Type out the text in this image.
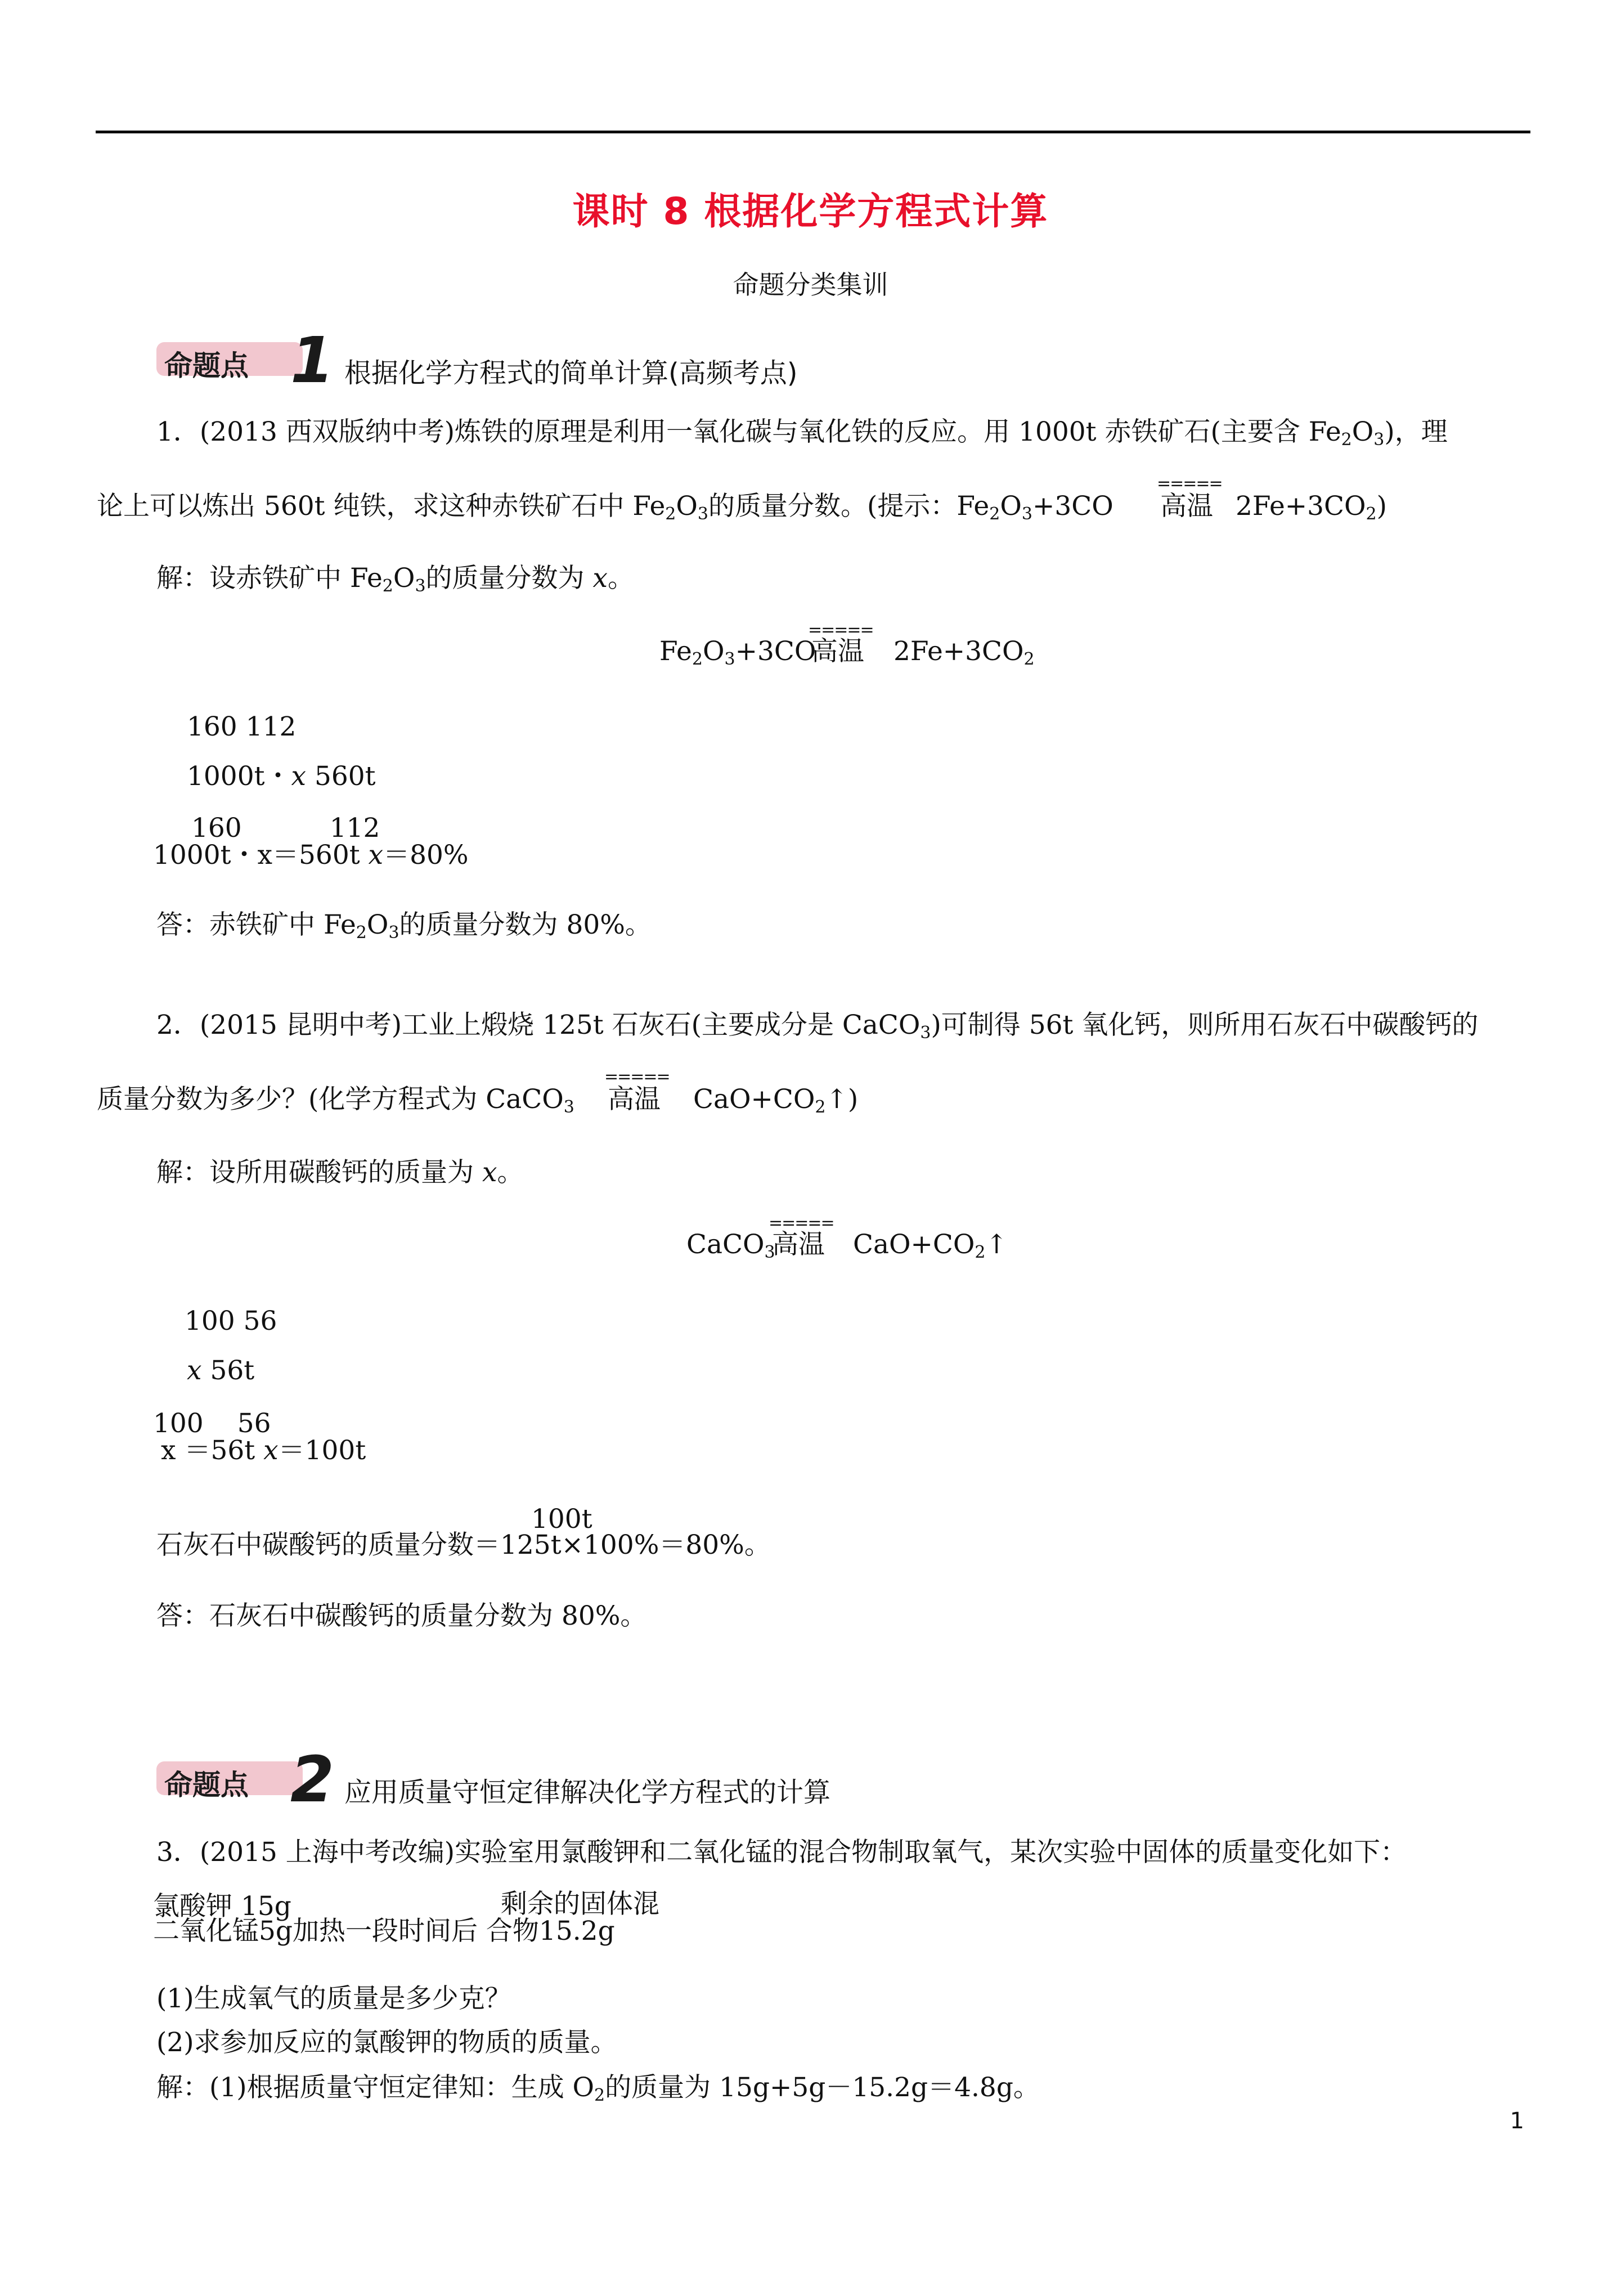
课时 8 根据化学方程式计算
命题分类集训
命题点 1 根据化学方程式的简单计算(高频考点)
1．(2013 西双版纳中考)炼铁的原理是利用一氧化碳与氧化铁的反应。用 1000t 赤铁矿石(主要含 $Fe_2O_3$)，理
论上可以炼出 560t 纯铁，求这种赤铁矿石中 $Fe_2O_3$的质量分数。(提示：$Fe_2O_3+3CO$
=====
高温 $2Fe+3CO_2$)
解：设赤铁矿中 $Fe_2O_3$的质量分数为 x。
$Fe_2O_3+3CO$
=====
高温 $2Fe+3CO_2$
160 112
1000t・x 560t
160	112
1000t・x＝560t x＝80%
答：赤铁矿中 $Fe_2O_3$的质量分数为 80%。
2．(2015 昆明中考)工业上煅烧 125t 石灰石(主要成分是 CaCO$_3$)可制得 56t 氧化钙，则所用石灰石中碳酸钙的
质量分数为多少？(化学方程式为 CaCO$_3$
=====
高温 $CaO+CO_2↑$)
解：设所用碳酸钙的质量为 x。
CaCO$_3$
=====
高温 $CaO+CO_2↑$
100 56
x 56t
100 56
x ＝56t x＝100t
100t
石灰石中碳酸钙的质量分数＝125t×100%＝80%。
答：石灰石中碳酸钙的质量分数为 80%。
命题点 2 应用质量守恒定律解决化学方程式的计算
3．(2015 上海中考改编)实验室用氯酸钾和二氧化锰的混合物制取氧气，某次实验中固体的质量变化如下：
氯酸钾 15g	剩余的固体混
二氧化锰5g加热一段时间后 合物15.2g
(1)生成氧气的质量是多少克？
(2)求参加反应的氯酸钾的物质的质量。
解：(1)根据质量守恒定律知：生成 $O_2$的质量为 15g+5g－15.2g＝4.8g。
1
